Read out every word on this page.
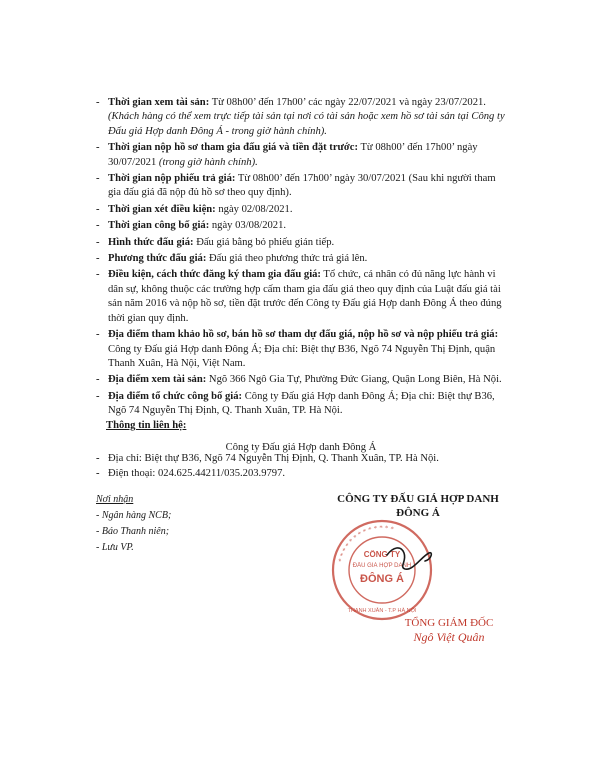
- Thời gian xem tài sản: Từ 08h00’ đến 17h00’ các ngày 22/07/2021 và ngày 23/07/2021. (Khách hàng có thể xem trực tiếp tài sản tại nơi có tài sản hoặc xem hồ sơ tài sản tại Công ty Đấu giá Hợp danh Đông Á - trong giờ hành chính).

- Thời gian nộp hồ sơ tham gia đấu giá và tiền đặt trước: Từ 08h00’ đến 17h00’ ngày 30/07/2021 (trong giờ hành chính).

- Thời gian nộp phiếu trả giá: Từ 08h00’ đến 17h00’ ngày 30/07/2021 (Sau khi người tham gia đấu giá đã nộp đủ hồ sơ theo quy định).

- Thời gian xét điều kiện: ngày 02/08/2021.

- Thời gian công bố giá: ngày 03/08/2021.

- Hình thức đấu giá: Đấu giá bằng bỏ phiếu gián tiếp.

- Phương thức đấu giá: Đấu giá theo phương thức trả giá lên.

- Điều kiện, cách thức đăng ký tham gia đấu giá: Tổ chức, cá nhân có đủ năng lực hành vi dân sự, không thuộc các trường hợp cấm tham gia đấu giá theo quy định của Luật đấu giá tài sản năm 2016 và nộp hồ sơ, tiền đặt trước đến Công ty Đấu giá Hợp danh Đông Á theo đúng thời gian quy định.

- Địa điểm tham khảo hồ sơ, bán hồ sơ tham dự đấu giá, nộp hồ sơ và nộp phiếu trả giá: Công ty Đấu giá Hợp danh Đông Á; Địa chỉ: Biệt thự B36, Ngõ 74 Nguyễn Thị Định, quận Thanh Xuân, Hà Nội, Việt Nam.

- Địa điểm xem tài sản: Ngõ 366 Ngô Gia Tự, Phường Đức Giang, Quận Long Biên, Hà Nội.

- Địa điểm tổ chức công bố giá: Công ty Đấu giá Hợp danh Đông Á; Địa chỉ: Biệt thự B36, Ngõ 74 Nguyễn Thị Định, Q. Thanh Xuân, TP. Hà Nội.

Thông tin liên hệ:
Công ty Đấu giá Hợp danh Đông Á

- Địa chỉ: Biệt thự B36, Ngõ 74 Nguyễn Thị Định, Q. Thanh Xuân, TP. Hà Nội.

- Điện thoại: 024.625.44211/035.203.9797.

Nơi nhận
- Ngân hàng NCB;
- Báo Thanh niên;
- Lưu VP.
CÔNG TY ĐẤU GIÁ HỢP DANH
ĐÔNG Á
* * * * * * * * * * * * *
THANH XUÂN - T.P HÀ NỘI
CÔNG TY
ĐẤU GIÁ HỢP DANH
ĐÔNG Á
TỔNG GIÁM ĐỐC
Ngô Việt Quân
